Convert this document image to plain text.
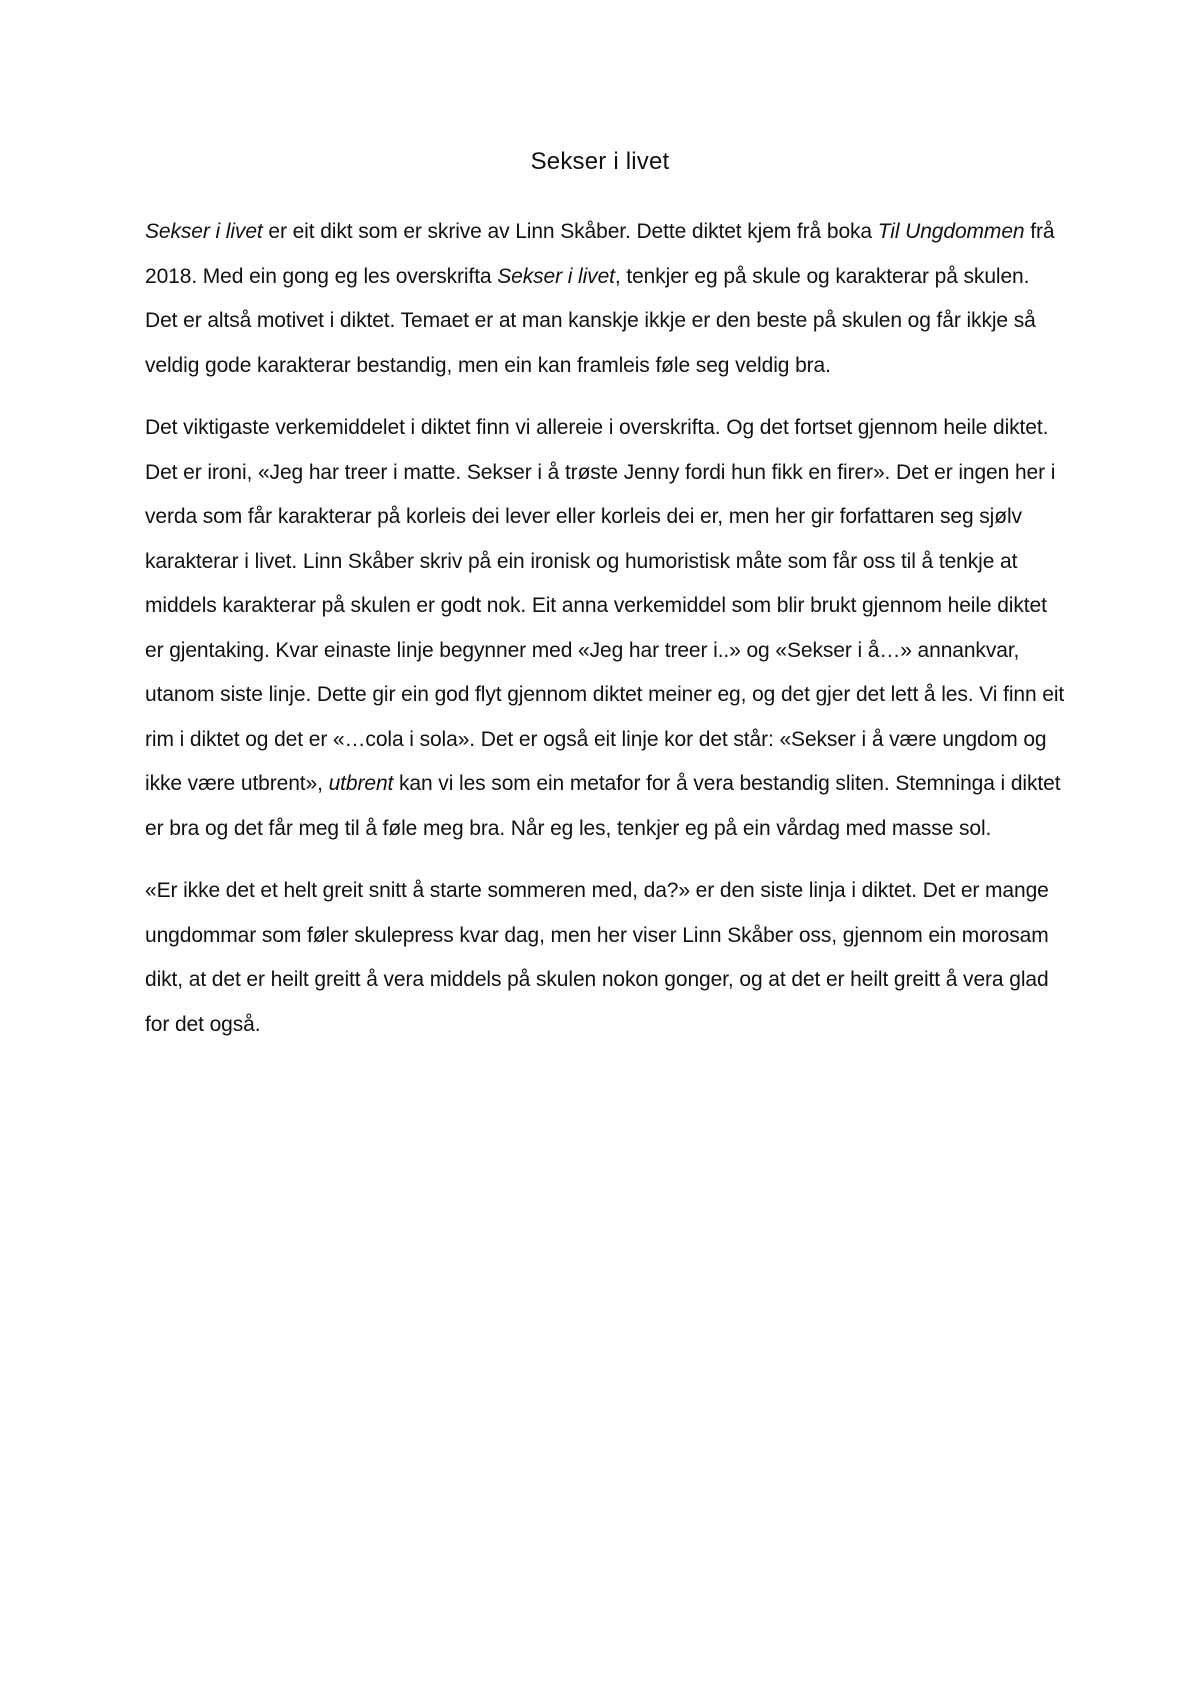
Sekser i livet

Sekser i livet er eit dikt som er skrive av Linn Skåber. Dette diktet kjem frå boka Til Ungdommen frå 2018. Med ein gong eg les overskrifta Sekser i livet, tenkjer eg på skule og karakterar på skulen. Det er altså motivet i diktet. Temaet er at man kanskje ikkje er den beste på skulen og får ikkje så veldig gode karakterar bestandig, men ein kan framleis føle seg veldig bra.

Det viktigaste verkemiddelet i diktet finn vi allereie i overskrifta. Og det fortset gjennom heile diktet. Det er ironi, «Jeg har treer i matte. Sekser i å trøste Jenny fordi hun fikk en firer». Det er ingen her i verda som får karakterar på korleis dei lever eller korleis dei er, men her gir forfattaren seg sjølv karakterar i livet. Linn Skåber skriv på ein ironisk og humoristisk måte som får oss til å tenkje at middels karakterar på skulen er godt nok. Eit anna verkemiddel som blir brukt gjennom heile diktet er gjentaking. Kvar einaste linje begynner med «Jeg har treer i..» og «Sekser i å…» annankvar, utanom siste linje. Dette gir ein god flyt gjennom diktet meiner eg, og det gjer det lett å les. Vi finn eit rim i diktet og det er «…cola i sola». Det er også eit linje kor det står: «Sekser i å være ungdom og ikke være utbrent», utbrent kan vi les som ein metafor for å vera bestandig sliten. Stemninga i diktet er bra og det får meg til å føle meg bra. Når eg les, tenkjer eg på ein vårdag med masse sol.

«Er ikke det et helt greit snitt å starte sommeren med, da?» er den siste linja i diktet. Det er mange ungdommar som føler skulepress kvar dag, men her viser Linn Skåber oss, gjennom ein morosam dikt, at det er heilt greitt å vera middels på skulen nokon gonger, og at det er heilt greitt å vera glad for det også.
